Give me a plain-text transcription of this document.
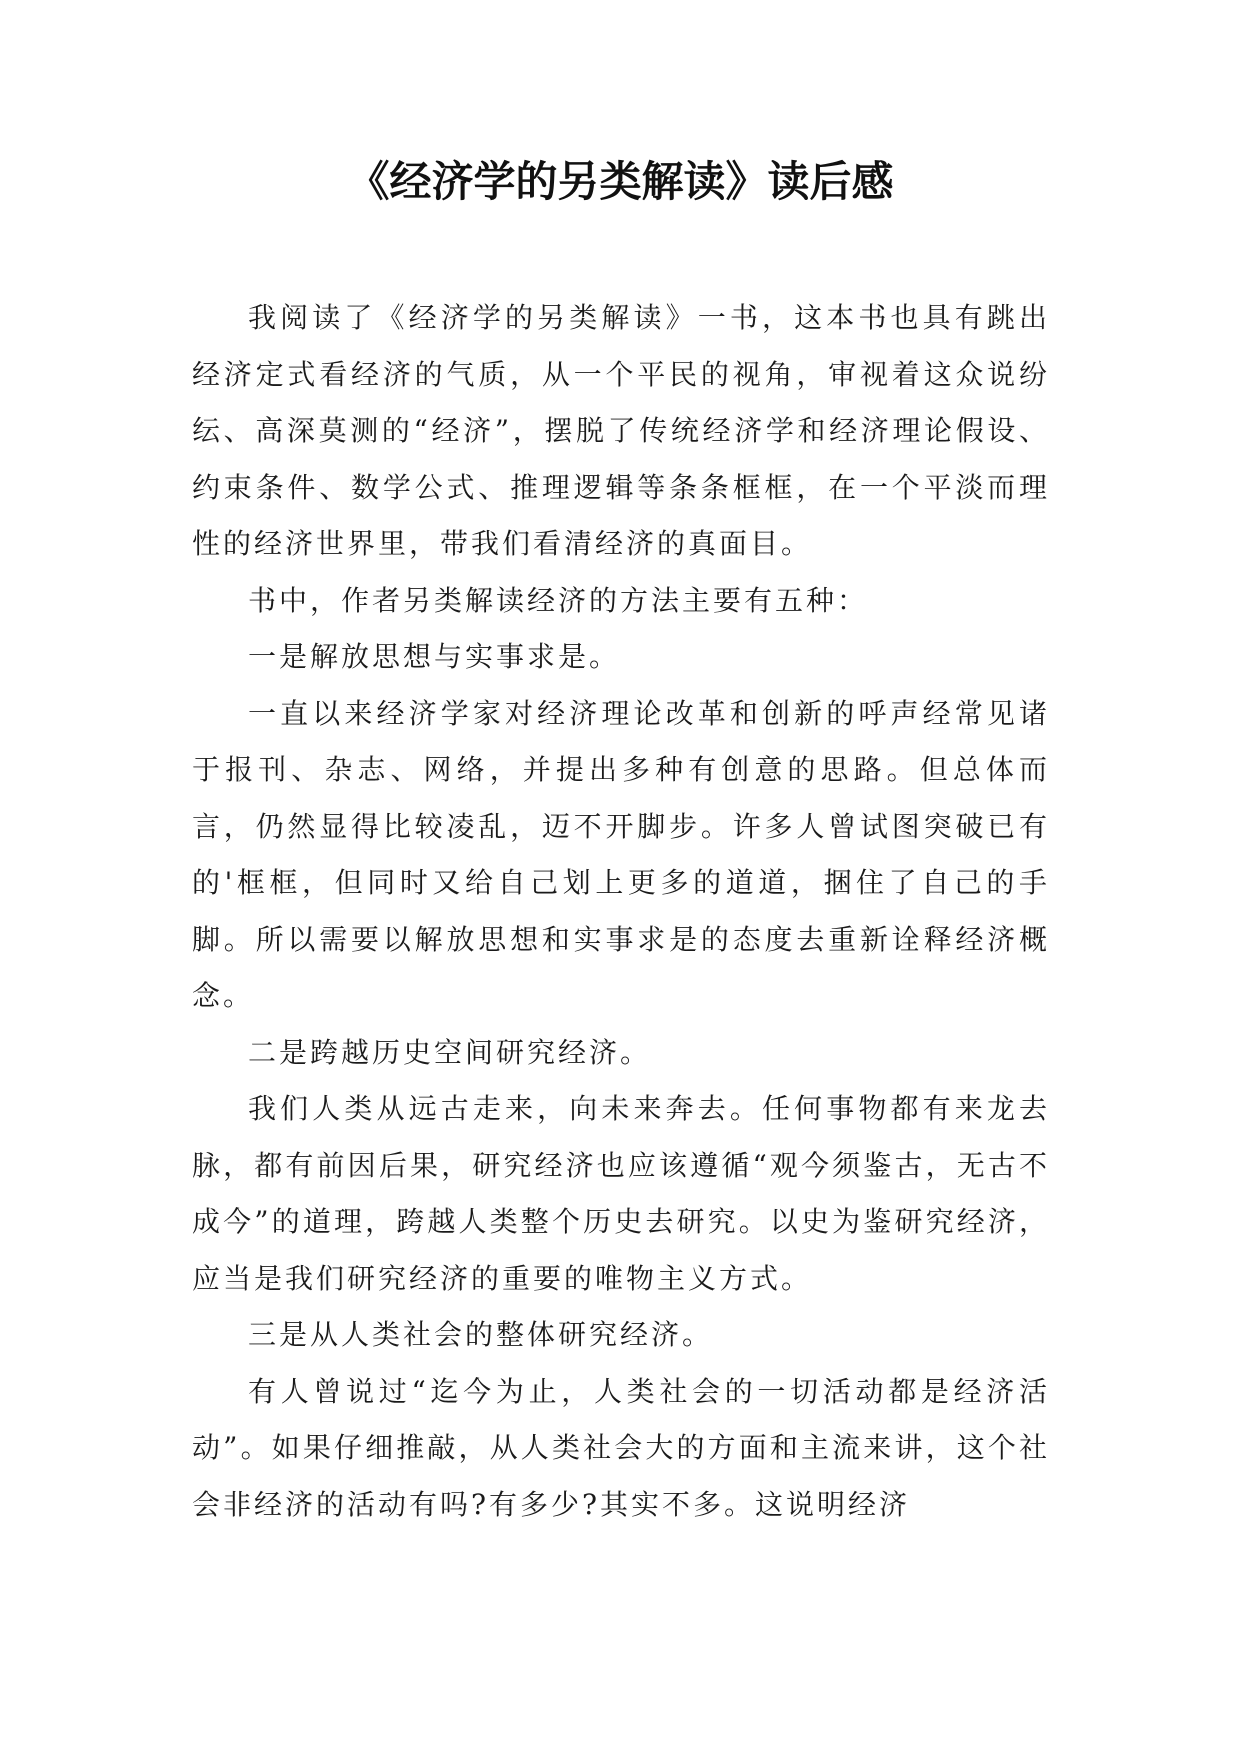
《经济学的另类解读》读后感

我阅读了《经济学的另类解读》一书，这本书也具有跳出经济定式看经济的气质，从一个平民的视角，审视着这众说纷纭、高深莫测的“经济”，摆脱了传统经济学和经济理论假设、约束条件、数学公式、推理逻辑等条条框框，在一个平淡而理性的经济世界里，带我们看清经济的真面目。

书中，作者另类解读经济的方法主要有五种：

一是解放思想与实事求是。

一直以来经济学家对经济理论改革和创新的呼声经常见诸于报刊、杂志、网络，并提出多种有创意的思路。但总体而言，仍然显得比较凌乱，迈不开脚步。许多人曾试图突破已有的'框框，但同时又给自己划上更多的道道，捆住了自己的手脚。所以需要以解放思想和实事求是的态度去重新诠释经济概念。

二是跨越历史空间研究经济。

我们人类从远古走来，向未来奔去。任何事物都有来龙去脉，都有前因后果，研究经济也应该遵循“观今须鉴古，无古不成今”的道理，跨越人类整个历史去研究。以史为鉴研究经济，应当是我们研究经济的重要的唯物主义方式。

三是从人类社会的整体研究经济。

有人曾说过“迄今为止，人类社会的一切活动都是经济活动”。如果仔细推敲，从人类社会大的方面和主流来讲，这个社会非经济的活动有吗?有多少?其实不多。这说明经济
